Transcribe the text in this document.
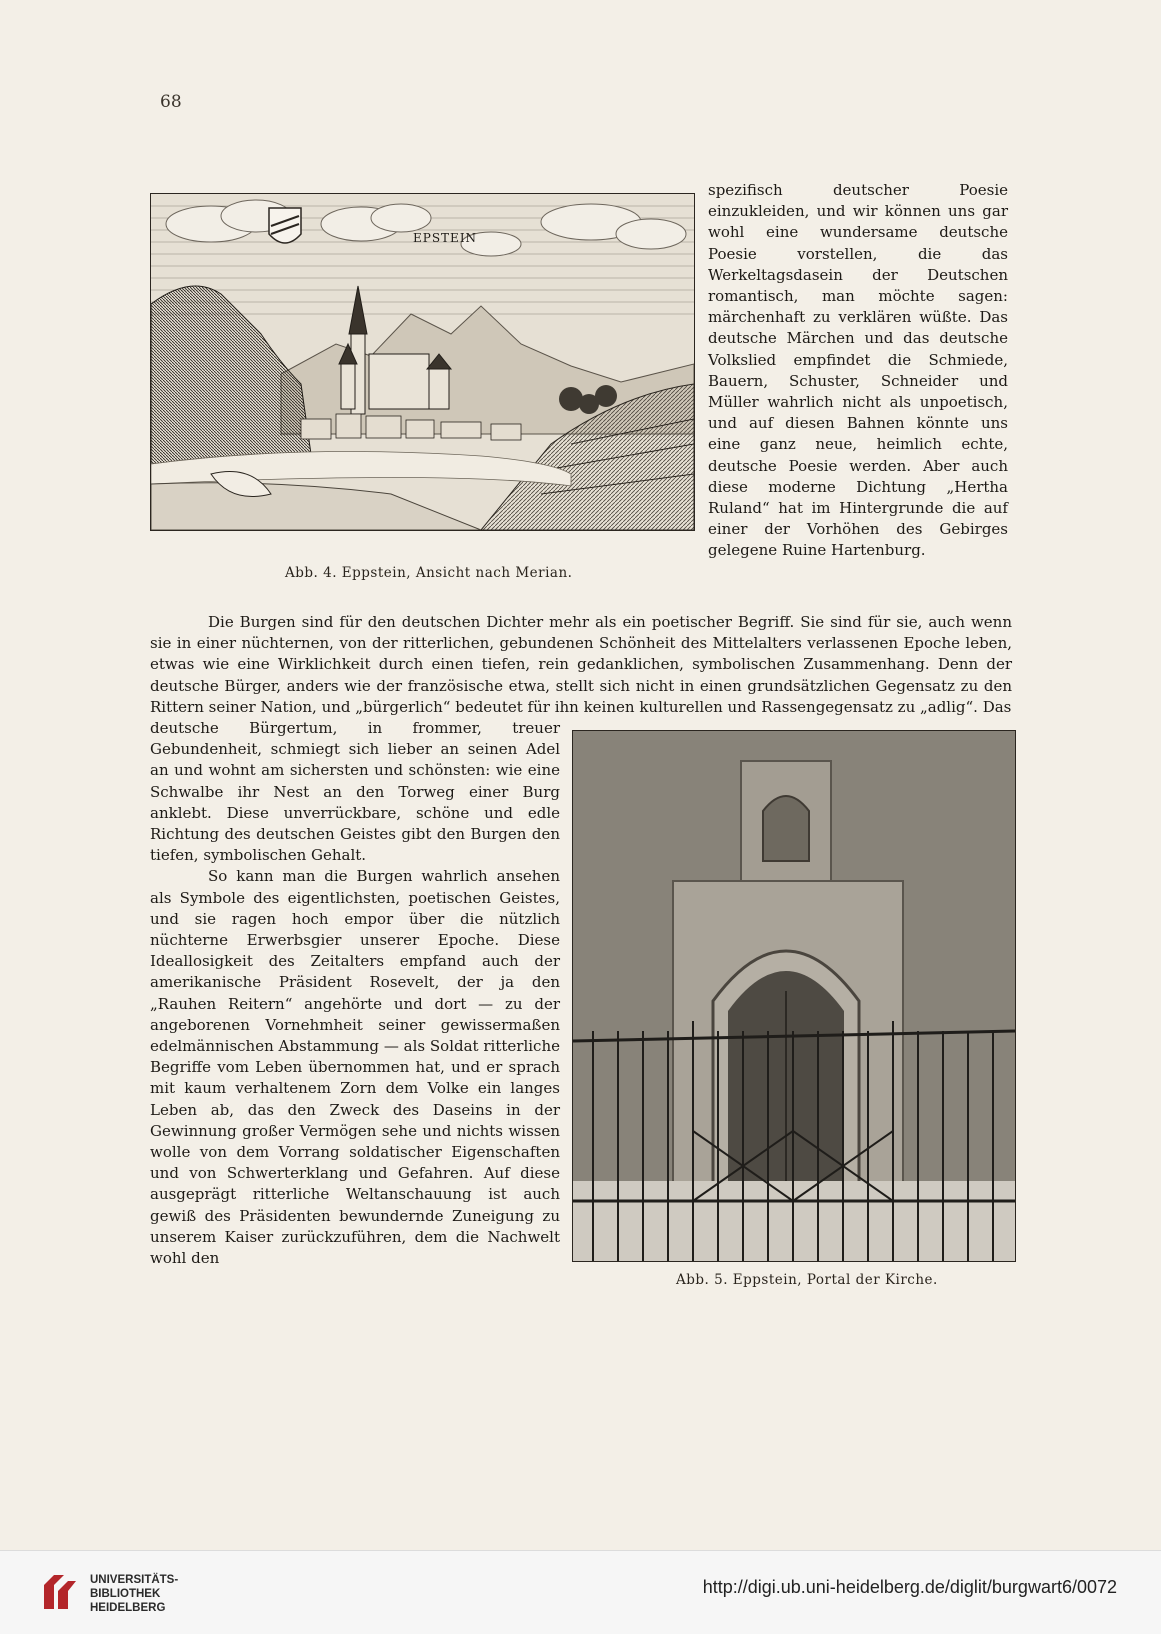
68
EPSTEIN
Abb. 4. Eppstein, Ansicht nach Merian.

spezifisch deutscher Poesie einzukleiden, und wir können uns gar wohl eine wundersame deutsche Poesie vorstellen, die das Werkeltagsdasein der Deutschen romantisch, man möchte sagen: märchenhaft zu verklären wüßte. Das deutsche Märchen und das deutsche Volkslied empfindet die Schmiede, Bauern, Schuster, Schneider und Müller wahrlich nicht als unpoetisch, und auf diesen Bahnen könnte uns eine ganz neue, heimlich echte, deutsche Poesie werden. Aber auch diese moderne Dichtung „Hertha Ruland“ hat im Hintergrunde die auf einer der Vorhöhen des Gebirges gelegene Ruine Hartenburg.

Die Burgen sind für den deutschen Dichter mehr als ein poetischer Begriff. Sie sind für sie, auch wenn sie in einer nüchternen, von der ritterlichen, gebundenen Schönheit des Mittelalters verlassenen Epoche leben, etwas wie eine Wirklichkeit durch einen tiefen, rein gedanklichen, symbolischen Zusammenhang. Denn der deutsche Bürger, anders wie der französische etwa, stellt sich nicht in einen grundsätzlichen Gegensatz zu den Rittern seiner Nation, und „bürgerlich“ bedeutet für ihn keinen kulturellen und Rassengegensatz zu „adlig“. Das

deutsche Bürgertum, in frommer, treuer Gebundenheit, schmiegt sich lieber an seinen Adel an und wohnt am sichersten und schönsten: wie eine Schwalbe ihr Nest an den Torweg einer Burg anklebt. Diese unverrückbare, schöne und edle Richtung des deutschen Geistes gibt den Burgen den tiefen, symbolischen Gehalt.

So kann man die Burgen wahrlich ansehen als Symbole des eigentlichsten, poetischen Geistes, und sie ragen hoch empor über die nützlich nüchterne Erwerbsgier unserer Epoche. Diese Ideallosigkeit des Zeitalters empfand auch der amerikanische Präsident Rosevelt, der ja den „Rauhen Reitern“ angehörte und dort — zu der angeborenen Vornehmheit seiner gewissermaßen edelmännischen Abstammung — als Soldat ritterliche Begriffe vom Leben übernommen hat, und er sprach mit kaum verhaltenem Zorn dem Volke ein langes Leben ab, das den Zweck des Daseins in der Gewinnung großer Vermögen sehe und nichts wissen wolle von dem Vorrang soldatischer Eigenschaften und von Schwerterklang und Gefahren. Auf diese ausgeprägt ritterliche Weltanschauung ist auch gewiß des Präsidenten bewundernde Zuneigung zu unserem Kaiser zurückzuführen, dem die Nachwelt wohl den

Abb. 5. Eppstein, Portal der Kirche.
UNIVERSITÄTS-BIBLIOTHEK HEIDELBERG
http://digi.ub.uni-heidelberg.de/diglit/burgwart6/0072
